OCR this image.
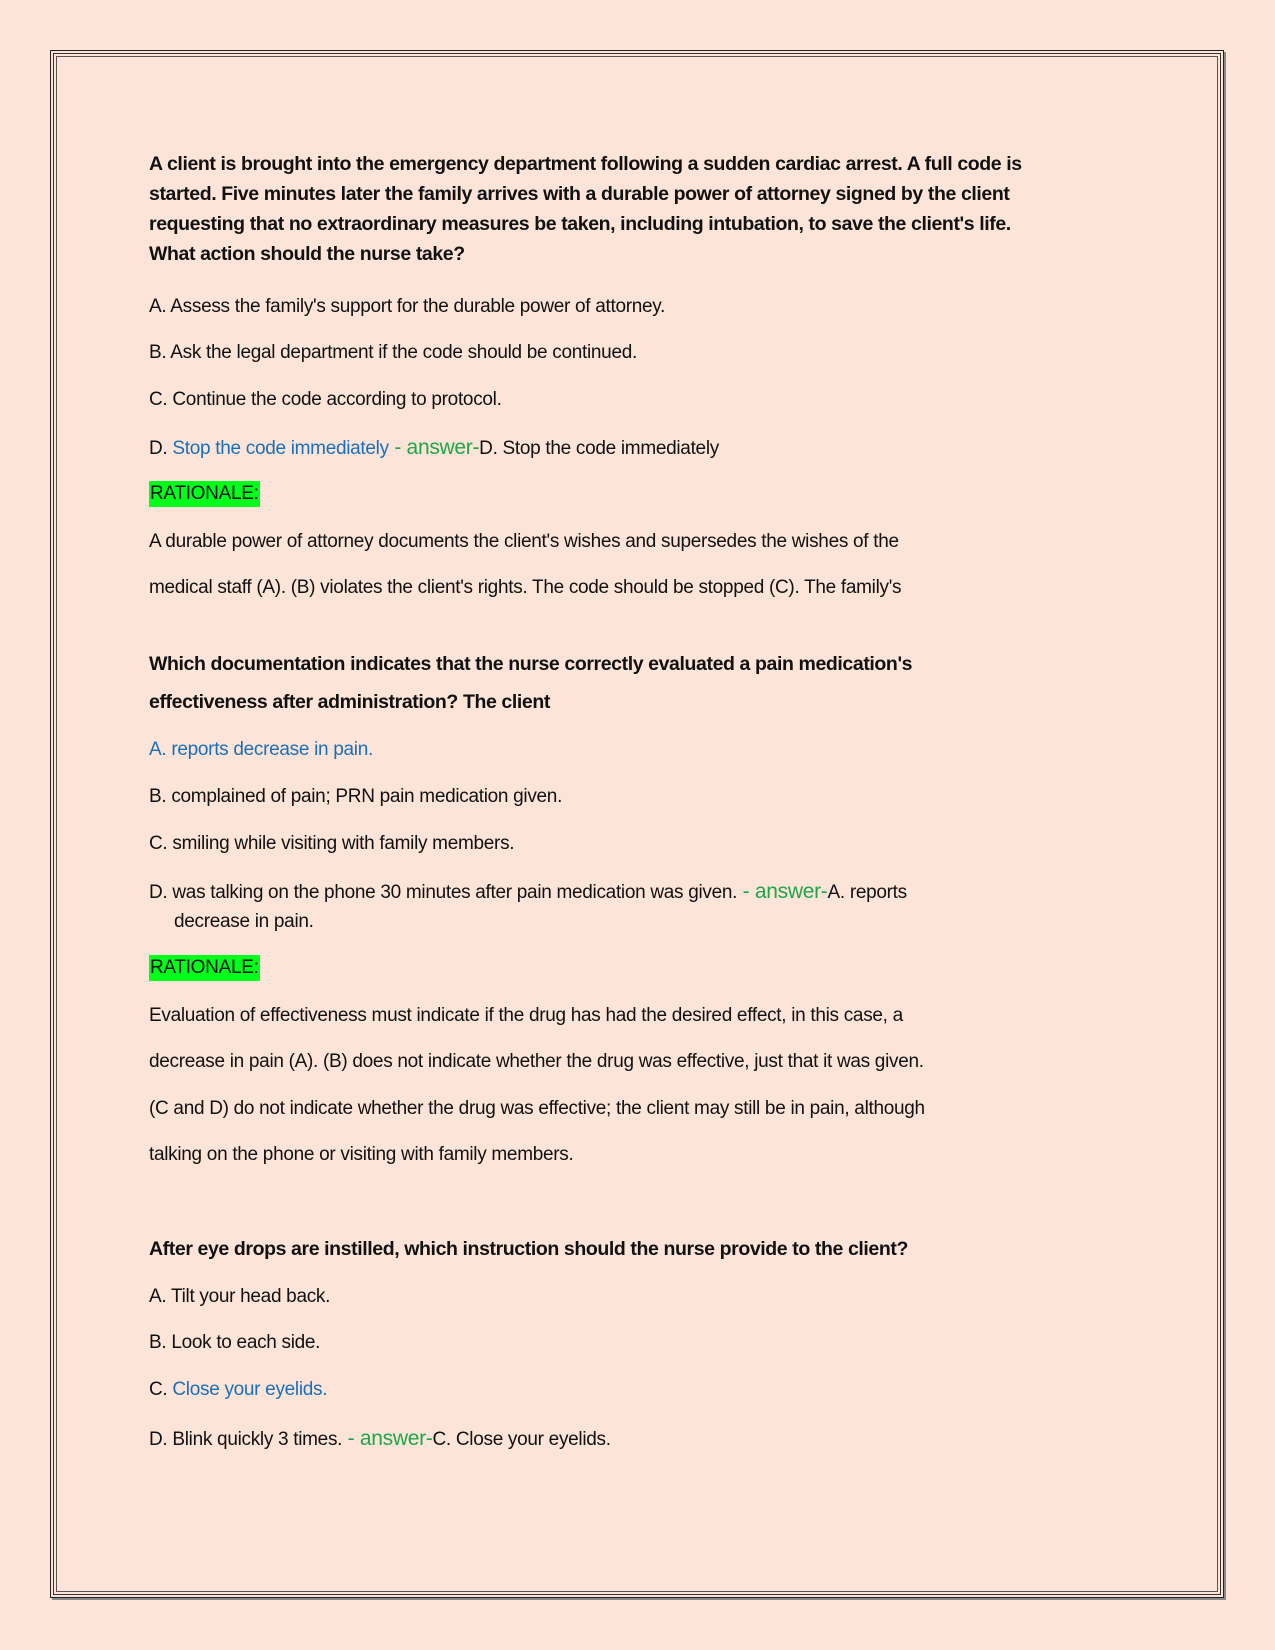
A client is brought into the emergency department following a sudden cardiac arrest. A full code is
started. Five minutes later the family arrives with a durable power of attorney signed by the client
requesting that no extraordinary measures be taken, including intubation, to save the client's life.
What action should the nurse take?
A. Assess the family's support for the durable power of attorney.
B. Ask the legal department if the code should be continued.
C. Continue the code according to protocol.
D. Stop the code immediately - answer-D. Stop the code immediately
RATIONALE:
A durable power of attorney documents the client's wishes and supersedes the wishes of the
medical staff (A). (B) violates the client's rights. The code should be stopped (C). The family's
Which documentation indicates that the nurse correctly evaluated a pain medication's
effectiveness after administration? The client
A. reports decrease in pain.
B. complained of pain; PRN pain medication given.
C. smiling while visiting with family members.
D. was talking on the phone 30 minutes after pain medication was given. - answer-A. reports
decrease in pain.
RATIONALE:
Evaluation of effectiveness must indicate if the drug has had the desired effect, in this case, a
decrease in pain (A). (B) does not indicate whether the drug was effective, just that it was given.
(C and D) do not indicate whether the drug was effective; the client may still be in pain, although
talking on the phone or visiting with family members.
After eye drops are instilled, which instruction should the nurse provide to the client?
A. Tilt your head back.
B. Look to each side.
C. Close your eyelids.
D. Blink quickly 3 times. - answer-C. Close your eyelids.
